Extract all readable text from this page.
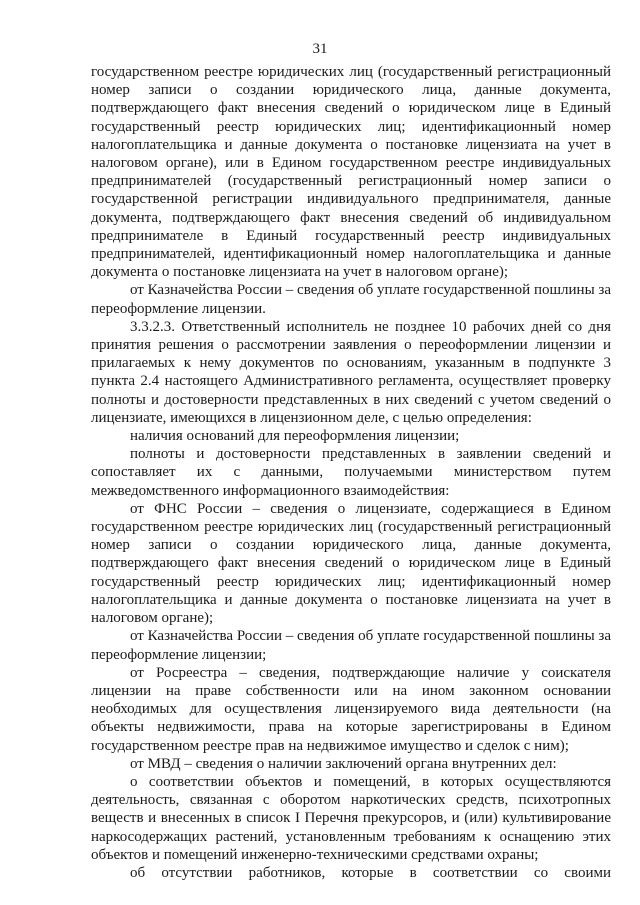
31

государственном реестре юридических лиц (государственный регистрационный номер записи о создании юридического лица, данные документа, подтверждающего факт внесения сведений о юридическом лице в Единый государственный реестр юридических лиц; идентификационный номер налогоплательщика и данные документа о постановке лицензиата на учет в налоговом органе), или в Едином государственном реестре индивидуальных предпринимателей (государственный регистрационный номер записи о государственной регистрации индивидуального предпринимателя, данные документа, подтверждающего факт внесения сведений об индивидуальном предпринимателе в Единый государственный реестр индивидуальных предпринимателей, идентификационный номер налогоплательщика и данные документа о постановке лицензиата на учет в налоговом органе);

от Казначейства России – сведения об уплате государственной пошлины за переоформление лицензии.

3.3.2.3. Ответственный исполнитель не позднее 10 рабочих дней со дня принятия решения о рассмотрении заявления о переоформлении лицензии и прилагаемых к нему документов по основаниям, указанным в подпункте 3 пункта 2.4 настоящего Административного регламента, осуществляет проверку полноты и достоверности представленных в них сведений с учетом сведений о лицензиате, имеющихся в лицензионном деле, с целью определения:

наличия оснований для переоформления лицензии;

полноты и достоверности представленных в заявлении сведений и сопоставляет их с данными, получаемыми министерством путем межведомственного информационного взаимодействия:

от ФНС России – сведения о лицензиате, содержащиеся в Едином государственном реестре юридических лиц (государственный регистрационный номер записи о создании юридического лица, данные документа, подтверждающего факт внесения сведений о юридическом лице в Единый государственный реестр юридических лиц; идентификационный номер налогоплательщика и данные документа о постановке лицензиата на учет в налоговом органе);

от Казначейства России – сведения об уплате государственной пошлины за переоформление лицензии;

от Росреестра – сведения, подтверждающие наличие у соискателя лицензии на праве собственности или на ином законном основании необходимых для осуществления лицензируемого вида деятельности (на объекты недвижимости, права на которые зарегистрированы в Едином государственном реестре прав на недвижимое имущество и сделок с ним);

от МВД – сведения о наличии заключений органа внутренних дел:

о соответствии объектов и помещений, в которых осуществляются деятельность, связанная с оборотом наркотических средств, психотропных веществ и внесенных в список I Перечня прекурсоров, и (или) культивирование наркосодержащих растений, установленным требованиям к оснащению этих объектов и помещений инженерно-техническими средствами охраны;

об отсутствии работников, которые в соответствии со своими
